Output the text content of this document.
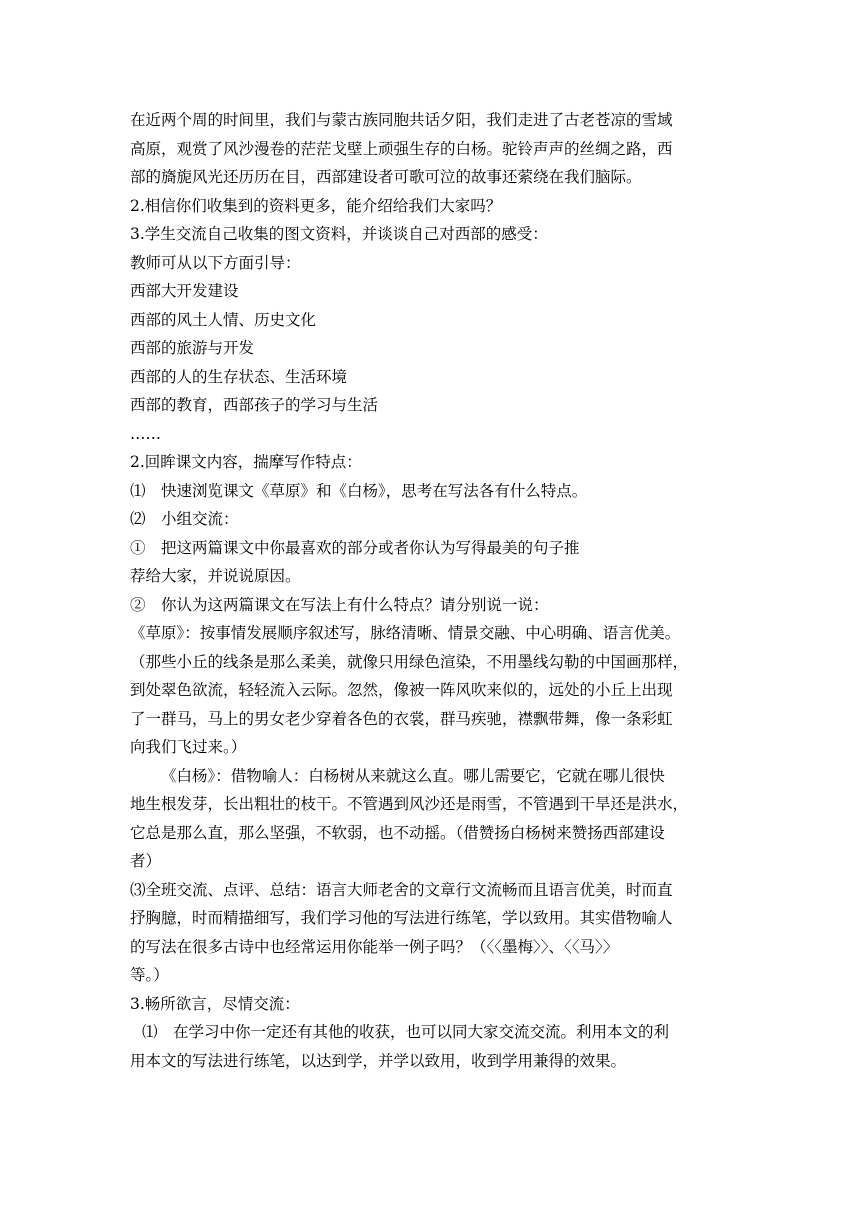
在近两个周的时间里，我们与蒙古族同胞共话夕阳，我们走进了古老苍凉的雪域
高原，观赏了风沙漫卷的茫茫戈壁上顽强生存的白杨。驼铃声声的丝绸之路，西
部的旖旎风光还历历在目，西部建设者可歌可泣的故事还萦绕在我们脑际。
2.相信你们收集到的资料更多，能介绍给我们大家吗？
3.学生交流自己收集的图文资料，并谈谈自己对西部的感受：
教师可从以下方面引导：
西部大开发建设
西部的风土人情、历史文化
西部的旅游与开发
西部的人的生存状态、生活环境
西部的教育，西部孩子的学习与生活
……
2.回眸课文内容，揣摩写作特点：
⑴　快速浏览课文《草原》和《白杨》，思考在写法各有什么特点。
⑵　小组交流：
①　把这两篇课文中你最喜欢的部分或者你认为写得最美的句子推
荐给大家，并说说原因。
②　你认为这两篇课文在写法上有什么特点？请分别说一说：
《草原》：按事情发展顺序叙述写，脉络清晰、情景交融、中心明确、语言优美。
（那些小丘的线条是那么柔美，就像只用绿色渲染，不用墨线勾勒的中国画那样，
到处翠色欲流，轻轻流入云际。忽然，像被一阵风吹来似的，远处的小丘上出现
了一群马，马上的男女老少穿着各色的衣裳，群马疾驰，襟飘带舞，像一条彩虹
向我们飞过来。）
《白杨》：借物喻人：白杨树从来就这么直。哪儿需要它，它就在哪儿很快
地生根发芽，长出粗壮的枝干。不管遇到风沙还是雨雪，不管遇到干旱还是洪水，
它总是那么直，那么坚强，不软弱，也不动摇。（借赞扬白杨树来赞扬西部建设
者）
⑶全班交流、点评、总结：语言大师老舍的文章行文流畅而且语言优美，时而直
抒胸臆，时而精描细写，我们学习他的写法进行练笔，学以致用。其实借物喻人
的写法在很多古诗中也经常运用你能举一例子吗？（〈〈墨梅〉〉、〈〈马〉〉
等。）
3.畅所欲言，尽情交流：
⑴　在学习中你一定还有其他的收获，也可以同大家交流交流。利用本文的利
用本文的写法进行练笔，以达到学，并学以致用，收到学用兼得的效果。
